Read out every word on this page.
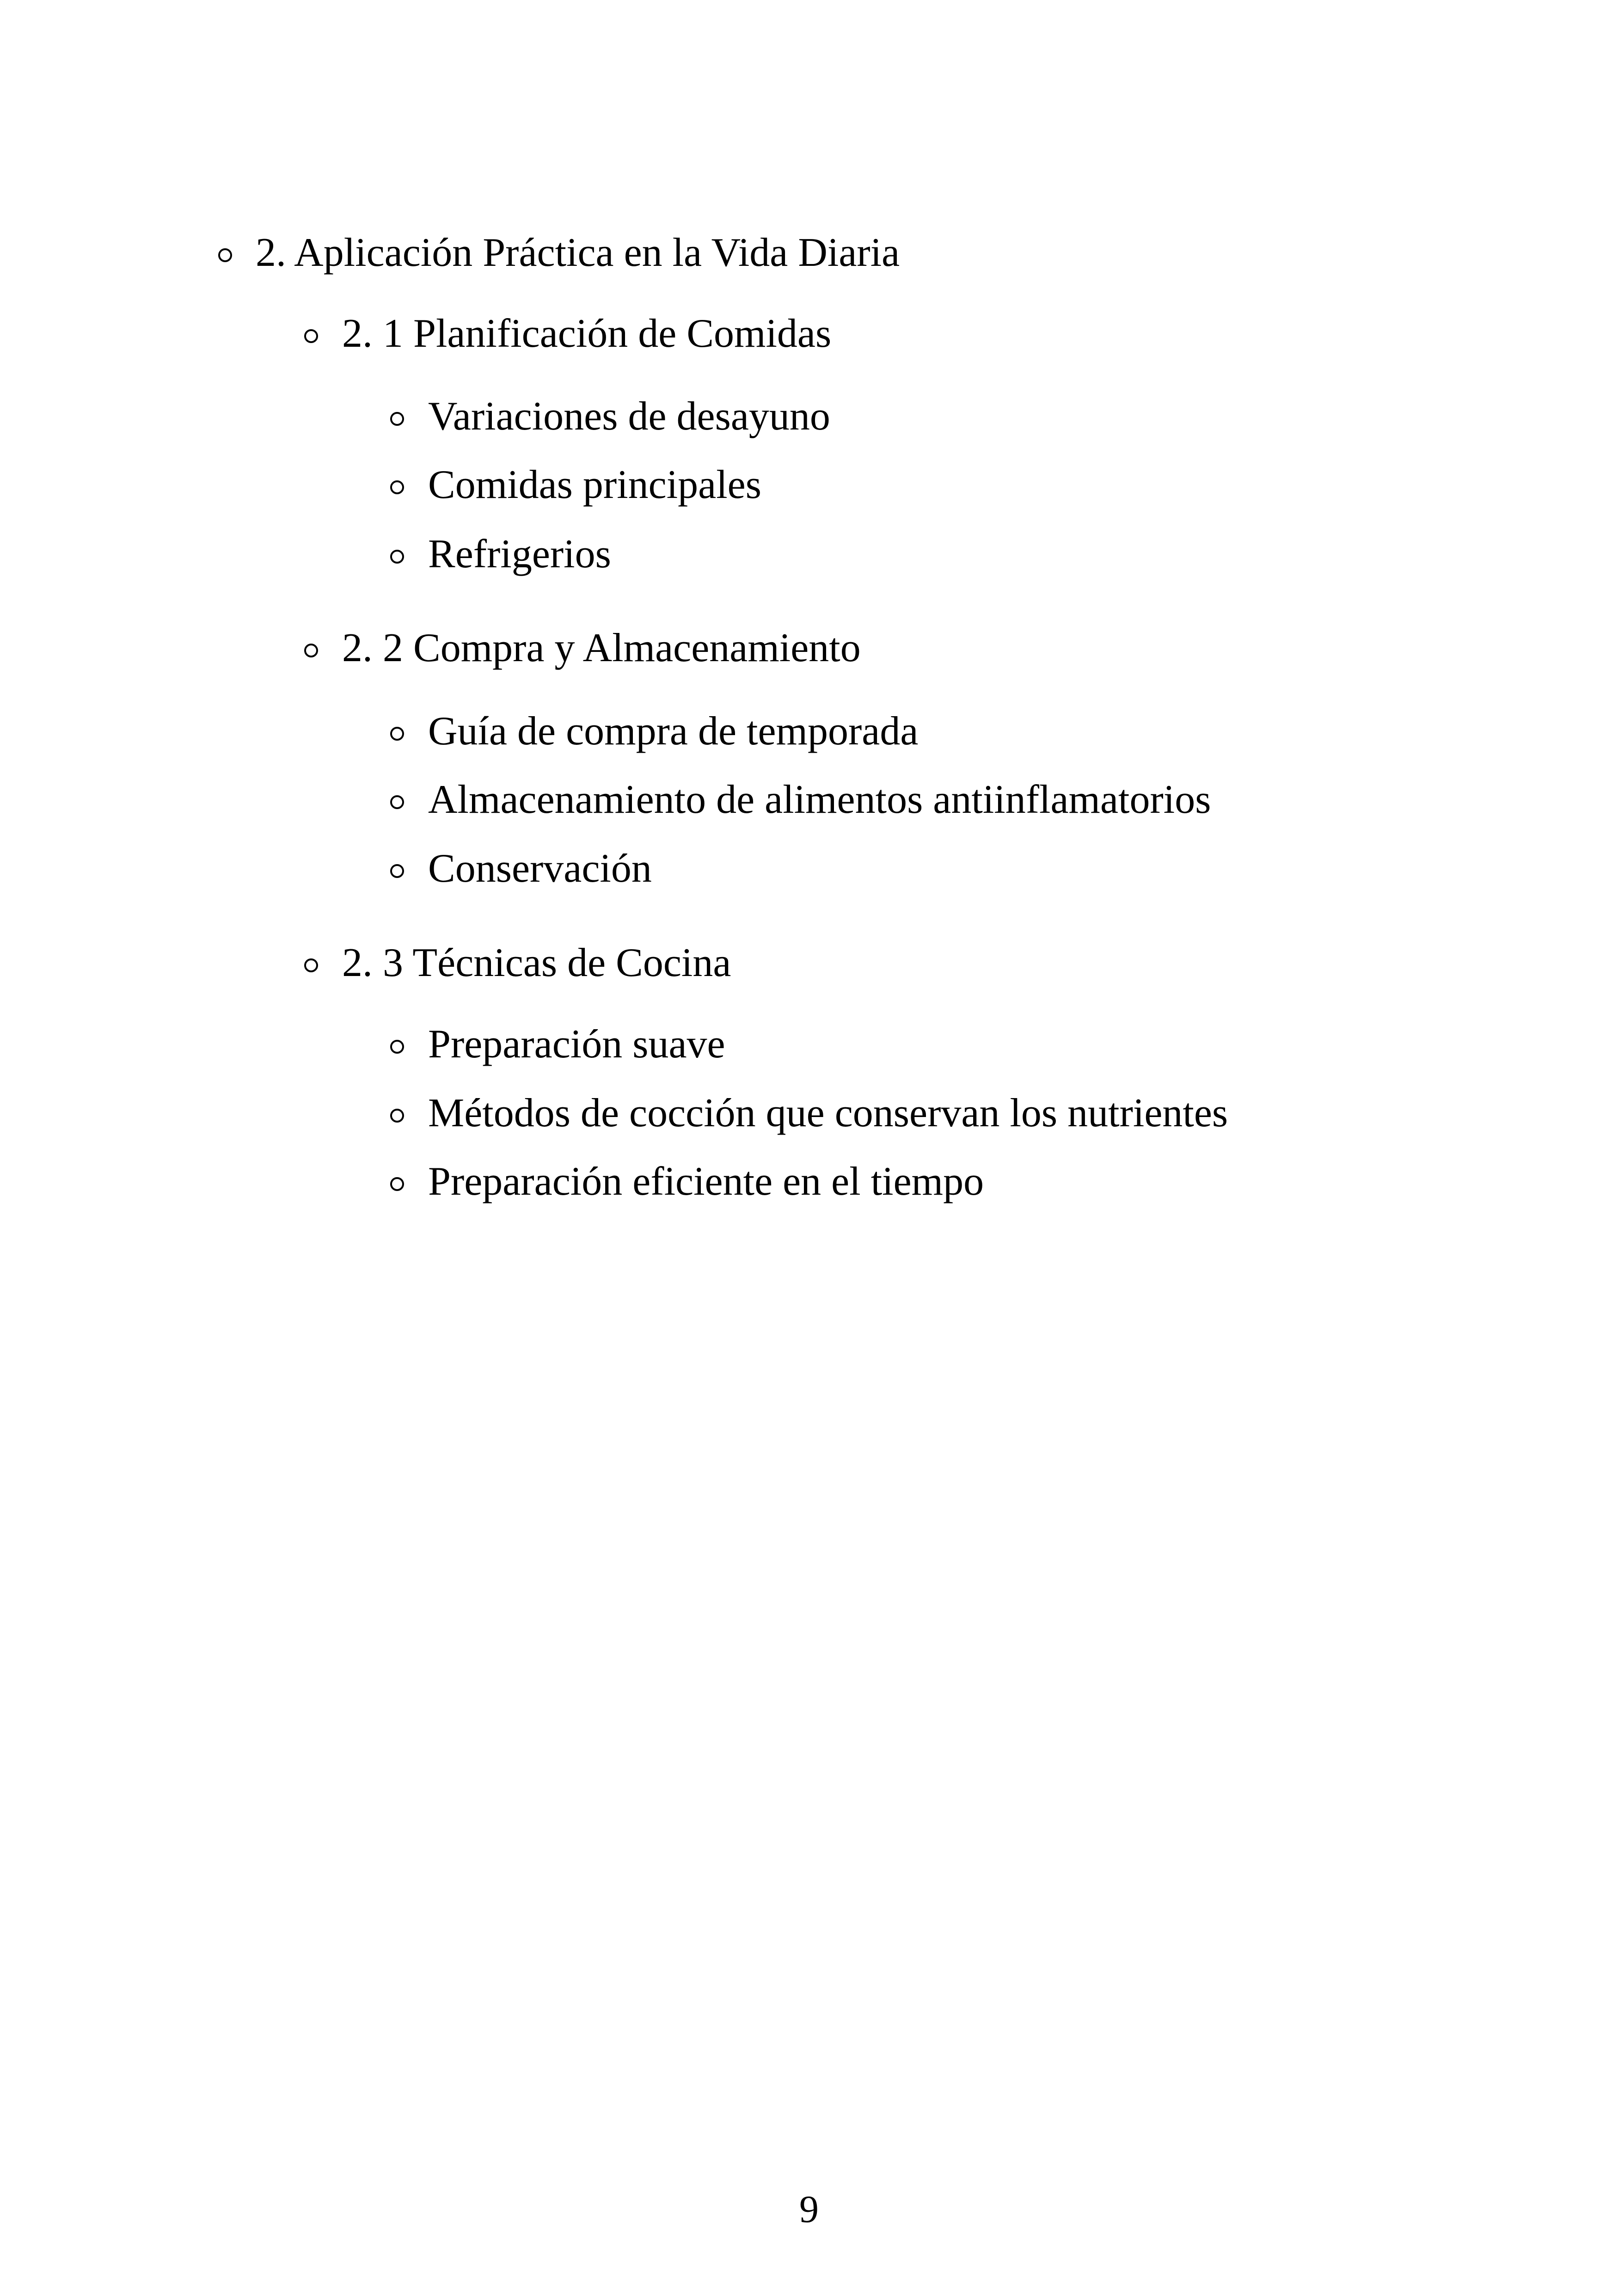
2. Aplicación Práctica en la Vida Diaria
2. 1 Planificación de Comidas
Variaciones de desayuno
Comidas principales
Refrigerios
2. 2 Compra y Almacenamiento
Guía de compra de temporada
Almacenamiento de alimentos antiinflamatorios
Conservación
2. 3 Técnicas de Cocina
Preparación suave
Métodos de cocción que conservan los nutrientes
Preparación eficiente en el tiempo
9
